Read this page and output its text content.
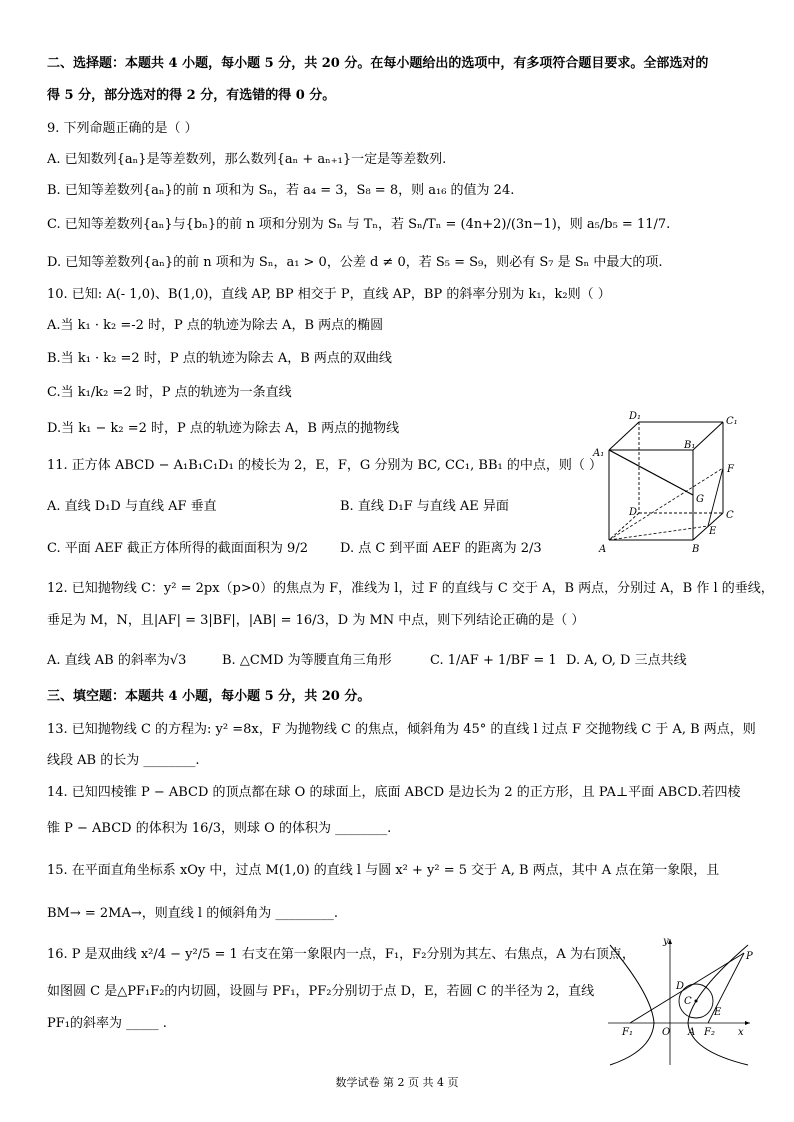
二、选择题：本题共 4 小题，每小题 5 分，共 20 分。在每小题给出的选项中，有多项符合题目要求。全部选对的
得 5 分，部分选对的得 2 分，有选错的得 0 分。
9. 下列命题正确的是（ ）
A. 已知数列{aₙ}是等差数列，那么数列{aₙ + aₙ₊₁}一定是等差数列.
B. 已知等差数列{aₙ}的前 n 项和为 Sₙ，若 a₄ = 3，S₈ = 8，则 a₁₆ 的值为 24.
C. 已知等差数列{aₙ}与{bₙ}的前 n 项和分别为 Sₙ 与 Tₙ，若 Sₙ/Tₙ = (4n+2)/(3n−1)，则 a₅/b₅ = 11/7.
D. 已知等差数列{aₙ}的前 n 项和为 Sₙ，a₁ > 0，公差 d ≠ 0，若 S₅ = S₉，则必有 S₇ 是 Sₙ 中最大的项.
10. 已知: A(- 1,0)、B(1,0)，直线 AP, BP 相交于 P，直线 AP，BP 的斜率分别为 k₁，k₂则（ ）
A.当 k₁ · k₂ =-2 时，P 点的轨迹为除去 A，B 两点的椭圆
B.当 k₁ · k₂ =2 时，P 点的轨迹为除去 A，B 两点的双曲线
C.当 k₁/k₂ =2 时，P 点的轨迹为一条直线
D.当 k₁ − k₂ =2 时，P 点的轨迹为除去 A，B 两点的抛物线
11. 正方体 ABCD − A₁B₁C₁D₁ 的棱长为 2，E，F，G 分别为 BC, CC₁, BB₁ 的中点，则（ ）
A. 直线 D₁D 与直线 AF 垂直	B. 直线 D₁F 与直线 AE 异面
C. 平面 AEF 截正方体所得的截面面积为 9/2 D. 点 C 到平面 AEF 的距离为 2/3
D₁	C₁
A₁
B₁
F
G
D	C
E
A	B
12. 已知抛物线 C：y² = 2px（p>0）的焦点为 F，准线为 l，过 F 的直线与 C 交于 A，B 两点，分别过 A，B 作 l 的垂线，
垂足为 M，N，且|AF| = 3|BF|，|AB| = 16/3，D 为 MN 中点，则下列结论正确的是（ ）
A. 直线 AB 的斜率为√3	B. △CMD 为等腰直角三角形	C. 1/AF + 1/BF = 1 D. A, O, D 三点共线
三、填空题：本题共 4 小题，每小题 5 分，共 20 分。
13. 已知抛物线 C 的方程为: y² =8x，F 为抛物线 C 的焦点，倾斜角为 45° 的直线 l 过点 F 交抛物线 C 于 A, B 两点，则
线段 AB 的长为 ________.
14. 已知四棱锥 P − ABCD 的顶点都在球 O 的球面上，底面 ABCD 是边长为 2 的正方形，且 PA⊥平面 ABCD.若四棱
锥 P − ABCD 的体积为 16/3，则球 O 的体积为 ________.
15. 在平面直角坐标系 xOy 中，过点 M(1,0) 的直线 l 与圆 x² + y² = 5 交于 A, B 两点，其中 A 点在第一象限，且
BM→ = 2MA→，则直线 l 的倾斜角为 _________.
16. P 是双曲线 x²/4 − y²/5 = 1 右支在第一象限内一点，F₁，F₂分别为其左、右焦点，A 为右顶点，
如图圆 C 是△PF₁F₂的内切圆，设圆与 PF₁，PF₂分别切于点 D，E，若圆 C 的半径为 2，直线
PF₁的斜率为 _____ .
y
P
D
C
E
F₁	O A F₂ x
数学试卷 第 2 页 共 4 页
